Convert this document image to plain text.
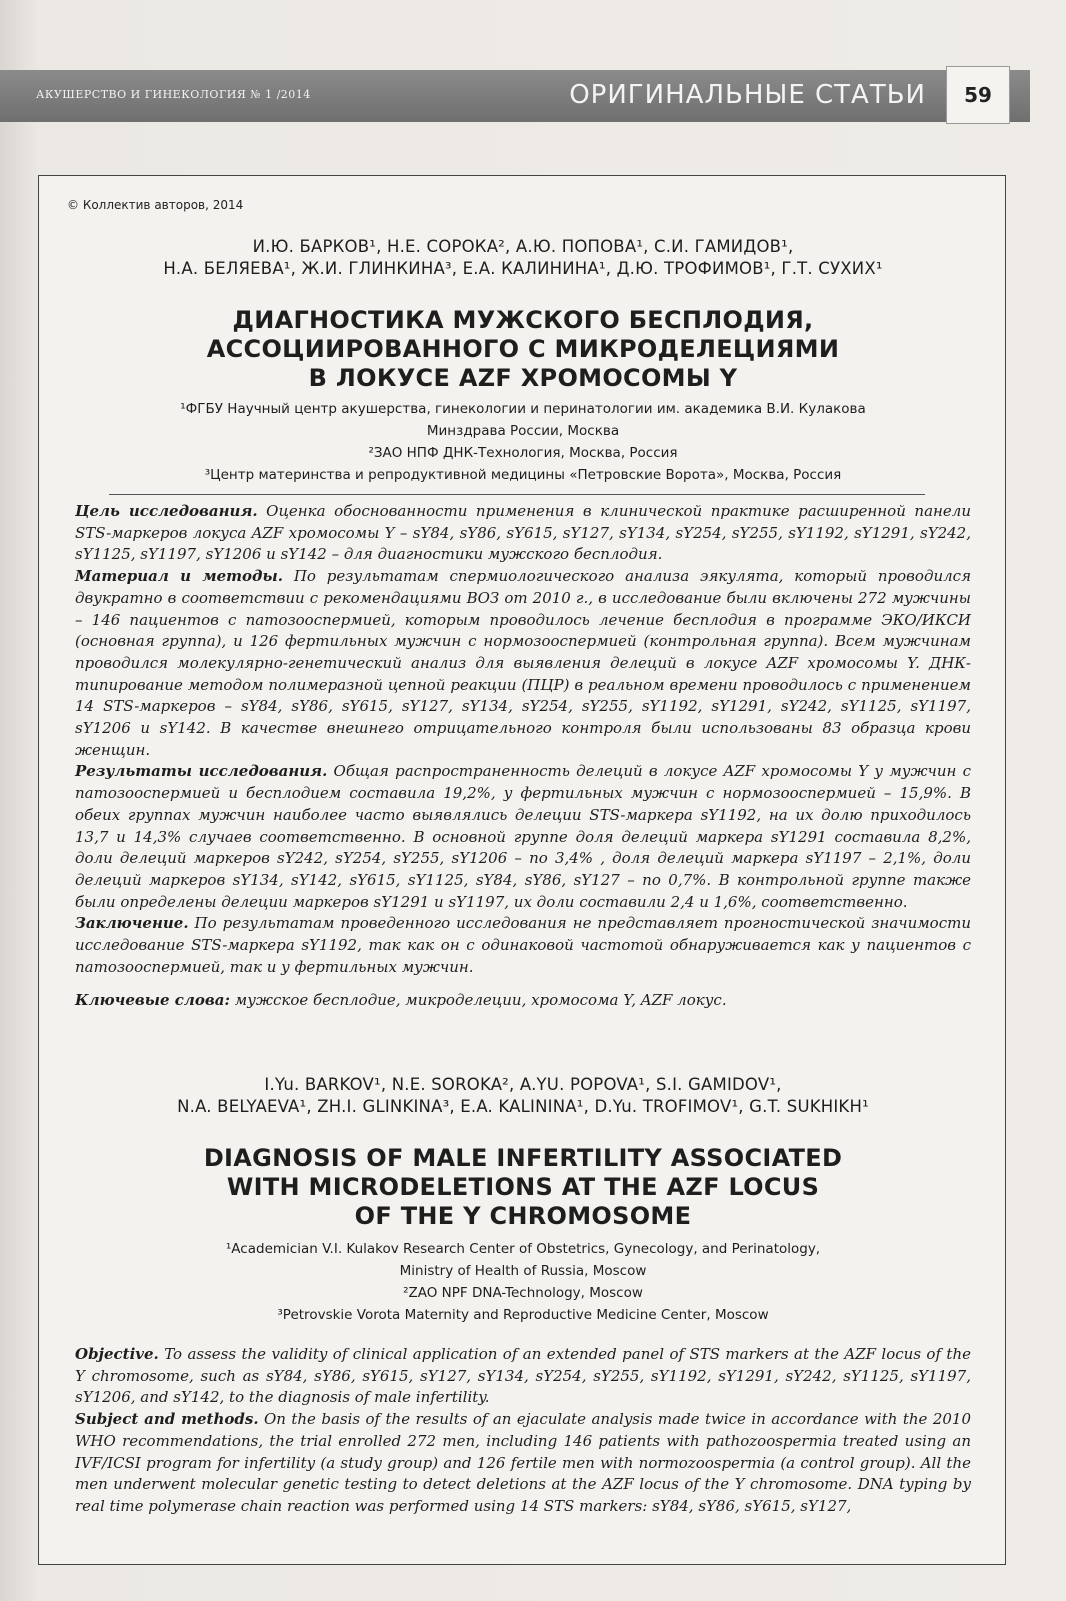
АКУШЕРСТВО И ГИНЕКОЛОГИЯ № 1 /2014	ОРИГИНАЛЬНЫЕ СТАТЬИ	59
© Коллектив авторов, 2014
И.Ю. БАРКОВ¹, Н.Е. СОРОКА², А.Ю. ПОПОВА¹, С.И. ГАМИДОВ¹,
Н.А. БЕЛЯЕВА¹, Ж.И. ГЛИНКИНА³, Е.А. КАЛИНИНА¹, Д.Ю. ТРОФИМОВ¹, Г.Т. СУХИХ¹
ДИАГНОСТИКА МУЖСКОГО БЕСПЛОДИЯ,
АССОЦИИРОВАННОГО С МИКРОДЕЛЕЦИЯМИ
В ЛОКУСЕ AZF ХРОМОСОМЫ Y
¹ФГБУ Научный центр акушерства, гинекологии и перинатологии им. академика В.И. Кулакова
Минздрава России, Москва
²ЗАО НПФ ДНК-Технология, Москва, Россия
³Центр материнства и репродуктивной медицины «Петровские Ворота», Москва, Россия

Цель исследования. Оценка обоснованности применения в клинической практике расширенной панели STS-маркеров локуса AZF хромосомы Y – sY84, sY86, sY615, sY127, sY134, sY254, sY255, sY1192, sY1291, sY242, sY1125, sY1197, sY1206 и sY142 – для диагностики мужского бесплодия.

Материал и методы. По результатам спермиологического анализа эякулята, который проводился двукратно в соответствии с рекомендациями ВОЗ от 2010 г., в исследование были включены 272 мужчины – 146 пациентов с патозооспермией, которым проводилось лечение бесплодия в программе ЭКО/ИКСИ (основная группа), и 126 фертильных мужчин с нормозооспермией (контрольная группа). Всем мужчинам проводился молекулярно-генетический анализ для выявления делеций в локусе AZF хромосомы Y. ДНК-типирование методом полимеразной цепной реакции (ПЦР) в реальном времени проводилось с применением 14 STS-маркеров – sY84, sY86, sY615, sY127, sY134, sY254, sY255, sY1192, sY1291, sY242, sY1125, sY1197, sY1206 и sY142. В качестве внешнего отрицательного контроля были использованы 83 образца крови женщин.

Результаты исследования. Общая распространенность делеций в локусе AZF хромосомы Y у мужчин с патозооспермией и бесплодием составила 19,2%, у фертильных мужчин с нормозооспермией – 15,9%. В обеих группах мужчин наиболее часто выявлялись делеции STS-маркера sY1192, на их долю приходилось 13,7 и 14,3% случаев соответственно. В основной группе доля делеций маркера sY1291 составила 8,2%, доли делеций маркеров sY242, sY254, sY255, sY1206 – по 3,4% , доля делеций маркера sY1197 – 2,1%, доли делеций маркеров sY134, sY142, sY615, sY1125, sY84, sY86, sY127 – по 0,7%. В контрольной группе также были определены делеции маркеров sY1291 и sY1197, их доли составили 2,4 и 1,6%, соответственно.

Заключение. По результатам проведенного исследования не представляет прогностической значимости исследование STS-маркера sY1192, так как он с одинаковой частотой обнаруживается как у пациентов с патозооспермией, так и у фертильных мужчин.

Ключевые слова: мужское бесплодие, микроделеции, хромосома Y, AZF локус.

I.Yu. BARKOV¹, N.E. SOROKA², A.YU. POPOVA¹, S.I. GAMIDOV¹,
N.A. BELYAEVA¹, ZH.I. GLINKINA³, E.A. KALININA¹, D.Yu. TROFIMOV¹, G.T. SUKHIKH¹
DIAGNOSIS OF MALE INFERTILITY ASSOCIATED
WITH MICRODELETIONS AT THE AZF LOCUS
OF THE Y CHROMOSOME
¹Academician V.I. Kulakov Research Center of Obstetrics, Gynecology, and Perinatology,
Ministry of Health of Russia, Moscow
²ZAO NPF DNA-Technology, Moscow
³Petrovskie Vorota Maternity and Reproductive Medicine Center, Moscow

Objective. To assess the validity of clinical application of an extended panel of STS markers at the AZF locus of the Y chromosome, such as sY84, sY86, sY615, sY127, sY134, sY254, sY255, sY1192, sY1291, sY242, sY1125, sY1197, sY1206, and sY142, to the diagnosis of male infertility.

Subject and methods. On the basis of the results of an ejaculate analysis made twice in accordance with the 2010 WHO recommendations, the trial enrolled 272 men, including 146 patients with pathozoospermia treated using an IVF/ICSI program for infertility (a study group) and 126 fertile men with normozoospermia (a control group). All the men underwent molecular genetic testing to detect deletions at the AZF locus of the Y chromosome. DNA typing by real time polymerase chain reaction was performed using 14 STS markers: sY84, sY86, sY615, sY127,
